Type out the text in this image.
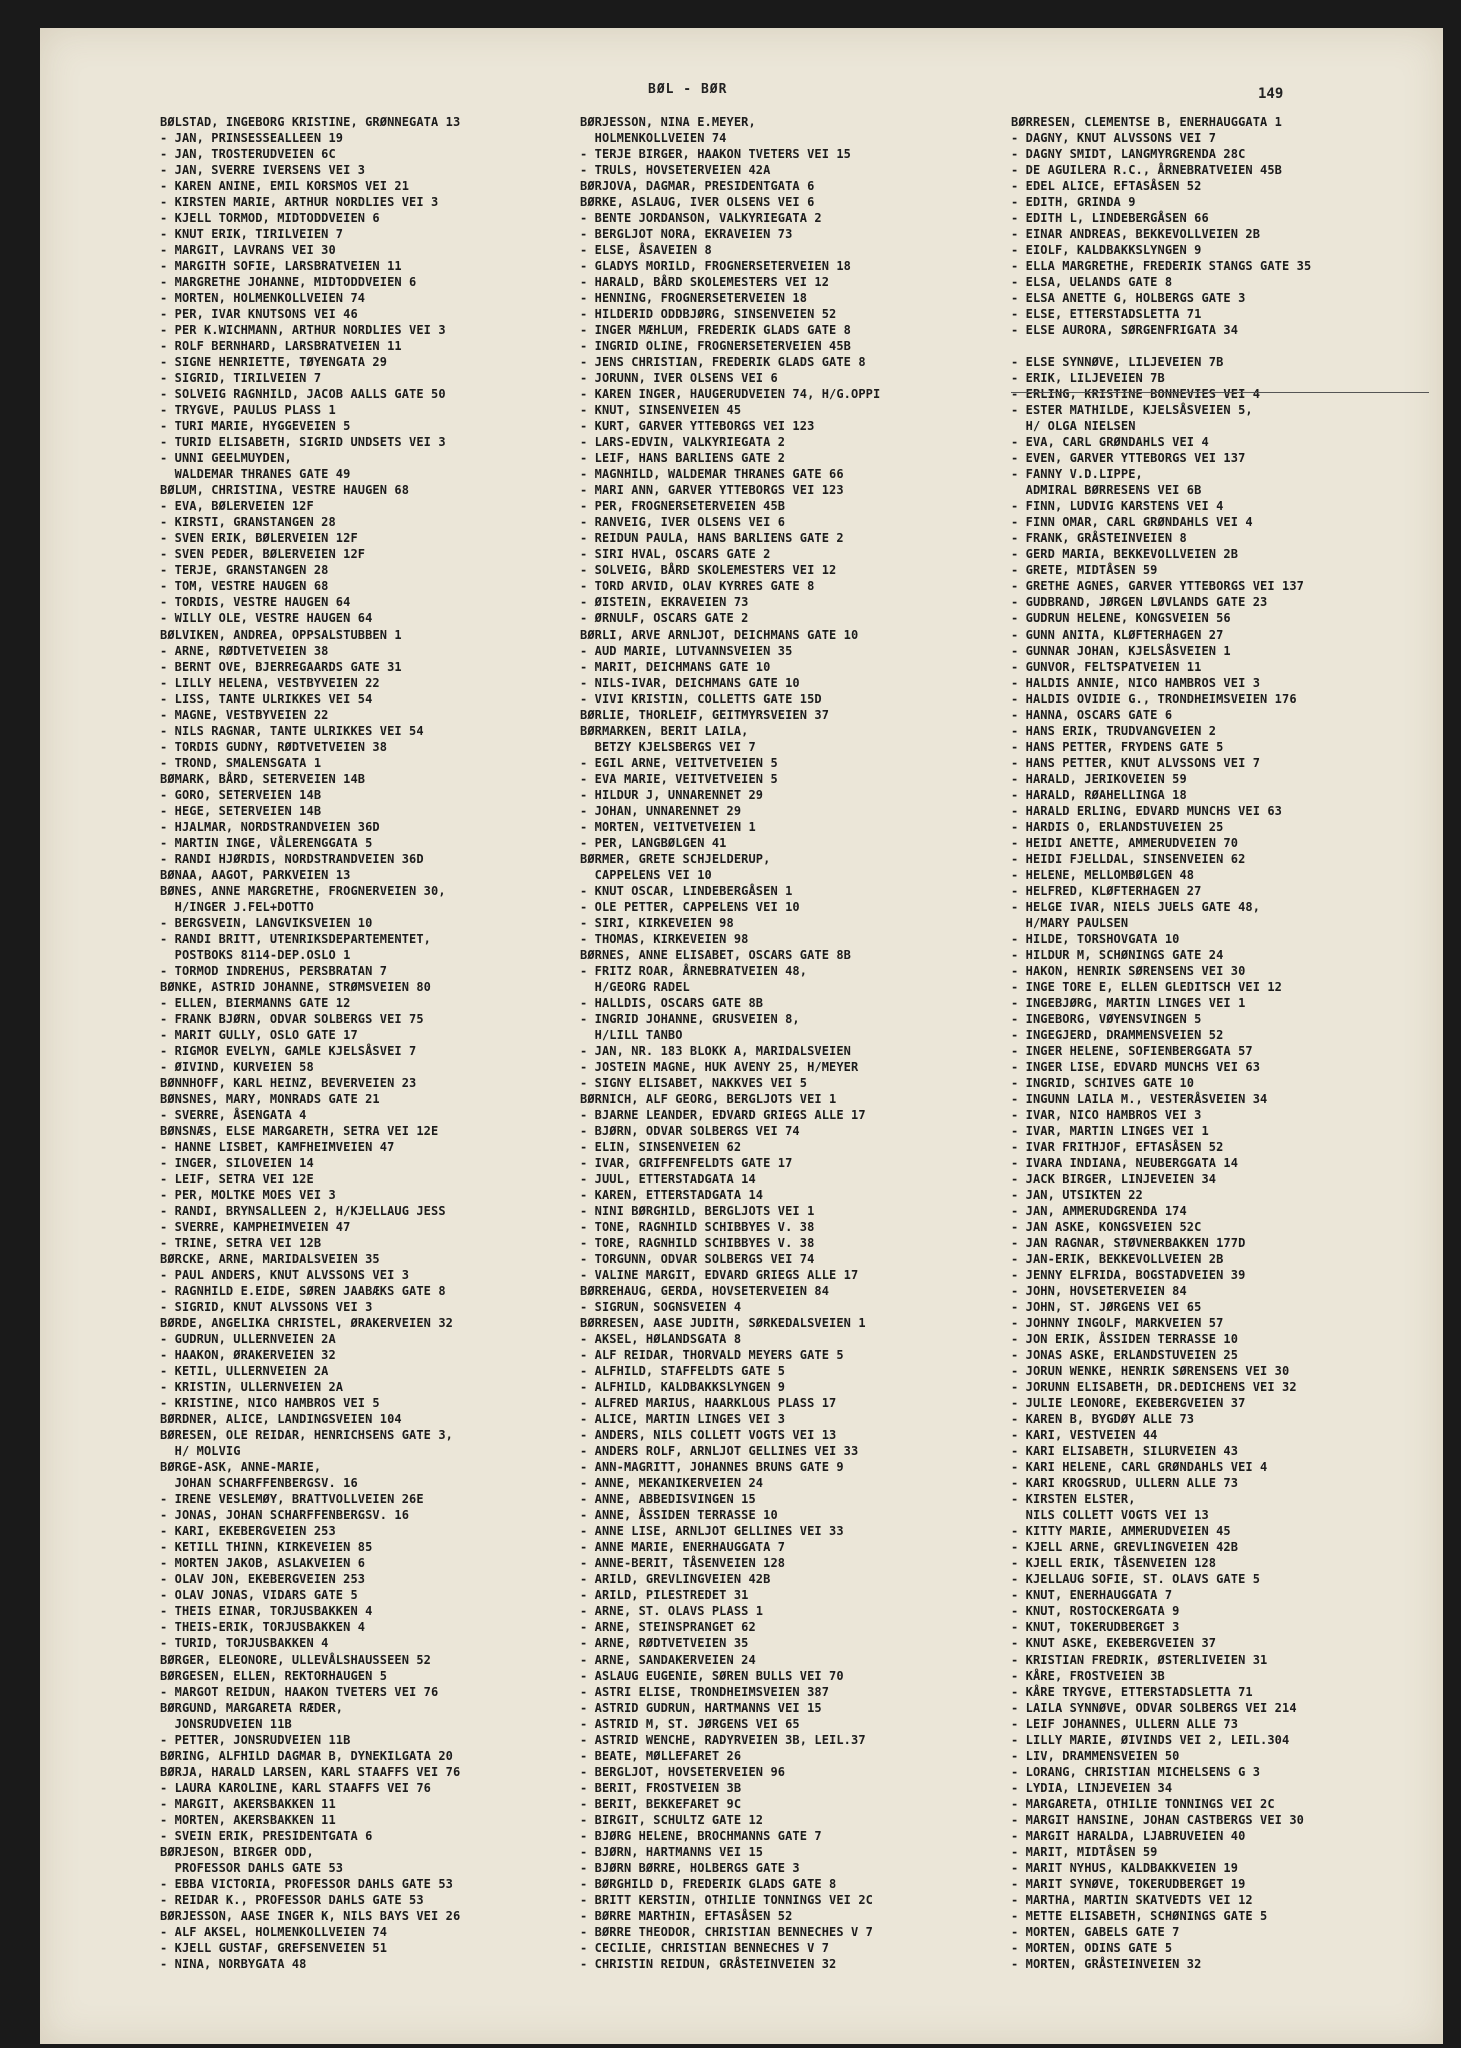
BØL - BØR	149
BØLSTAD, INGEBORG KRISTINE, GRØNNEGATA 13
- JAN, PRINSESSEALLEEN 19
- JAN, TROSTERUDVEIEN 6C
- JAN, SVERRE IVERSENS VEI 3
- KAREN ANINE, EMIL KORSMOS VEI 21
- KIRSTEN MARIE, ARTHUR NORDLIES VEI 3
- KJELL TORMOD, MIDTODDVEIEN 6
- KNUT ERIK, TIRILVEIEN 7
- MARGIT, LAVRANS VEI 30
- MARGITH SOFIE, LARSBRATVEIEN 11
- MARGRETHE JOHANNE, MIDTODDVEIEN 6
- MORTEN, HOLMENKOLLVEIEN 74
- PER, IVAR KNUTSONS VEI 46
- PER K.WICHMANN, ARTHUR NORDLIES VEI 3
- ROLF BERNHARD, LARSBRATVEIEN 11
- SIGNE HENRIETTE, TØYENGATA 29
- SIGRID, TIRILVEIEN 7
- SOLVEIG RAGNHILD, JACOB AALLS GATE 50
- TRYGVE, PAULUS PLASS 1
- TURI MARIE, HYGGEVEIEN 5
- TURID ELISABETH, SIGRID UNDSETS VEI 3
- UNNI GEELMUYDEN,
WALDEMAR THRANES GATE 49
BØLUM, CHRISTINA, VESTRE HAUGEN 68
- EVA, BØLERVEIEN 12F
- KIRSTI, GRANSTANGEN 28
- SVEN ERIK, BØLERVEIEN 12F
- SVEN PEDER, BØLERVEIEN 12F
- TERJE, GRANSTANGEN 28
- TOM, VESTRE HAUGEN 68
- TORDIS, VESTRE HAUGEN 64
- WILLY OLE, VESTRE HAUGEN 64
BØLVIKEN, ANDREA, OPPSALSTUBBEN 1
- ARNE, RØDTVETVEIEN 38
- BERNT OVE, BJERREGAARDS GATE 31
- LILLY HELENA, VESTBYVEIEN 22
- LISS, TANTE ULRIKKES VEI 54
- MAGNE, VESTBYVEIEN 22
- NILS RAGNAR, TANTE ULRIKKES VEI 54
- TORDIS GUDNY, RØDTVETVEIEN 38
- TROND, SMALENSGATA 1
BØMARK, BÅRD, SETERVEIEN 14B
- GORO, SETERVEIEN 14B
- HEGE, SETERVEIEN 14B
- HJALMAR, NORDSTRANDVEIEN 36D
- MARTIN INGE, VÅLERENGGATA 5
- RANDI HJØRDIS, NORDSTRANDVEIEN 36D
BØNAA, AAGOT, PARKVEIEN 13
BØNES, ANNE MARGRETHE, FROGNERVEIEN 30,
H/INGER J.FEL+DOTTO
- BERGSVEIN, LANGVIKSVEIEN 10
- RANDI BRITT, UTENRIKSDEPARTEMENTET,
POSTBOKS 8114-DEP.OSLO 1
- TORMOD INDREHUS, PERSBRATAN 7
BØNKE, ASTRID JOHANNE, STRØMSVEIEN 80
- ELLEN, BIERMANNS GATE 12
- FRANK BJØRN, ODVAR SOLBERGS VEI 75
- MARIT GULLY, OSLO GATE 17
- RIGMOR EVELYN, GAMLE KJELSÅSVEI 7
- ØIVIND, KURVEIEN 58
BØNNHOFF, KARL HEINZ, BEVERVEIEN 23
BØNSNES, MARY, MONRADS GATE 21
- SVERRE, ÅSENGATA 4
BØNSNÆS, ELSE MARGARETH, SETRA VEI 12E
- HANNE LISBET, KAMFHEIMVEIEN 47
- INGER, SILOVEIEN 14
- LEIF, SETRA VEI 12E
- PER, MOLTKE MOES VEI 3
- RANDI, BRYNSALLEEN 2, H/KJELLAUG JESS
- SVERRE, KAMPHEIMVEIEN 47
- TRINE, SETRA VEI 12B
BØRCKE, ARNE, MARIDALSVEIEN 35
- PAUL ANDERS, KNUT ALVSSONS VEI 3
- RAGNHILD E.EIDE, SØREN JAABÆKS GATE 8
- SIGRID, KNUT ALVSSONS VEI 3
BØRDE, ANGELIKA CHRISTEL, ØRAKERVEIEN 32
- GUDRUN, ULLERNVEIEN 2A
- HAAKON, ØRAKERVEIEN 32
- KETIL, ULLERNVEIEN 2A
- KRISTIN, ULLERNVEIEN 2A
- KRISTINE, NICO HAMBROS VEI 5
BØRDNER, ALICE, LANDINGSVEIEN 104
BØRESEN, OLE REIDAR, HENRICHSENS GATE 3,
H/ MOLVIG
BØRGE-ASK, ANNE-MARIE,
JOHAN SCHARFFENBERGSV. 16
- IRENE VESLEMØY, BRATTVOLLVEIEN 26E
- JONAS, JOHAN SCHARFFENBERGSV. 16
- KARI, EKEBERGVEIEN 253
- KETILL THINN, KIRKEVEIEN 85
- MORTEN JAKOB, ASLAKVEIEN 6
- OLAV JON, EKEBERGVEIEN 253
- OLAV JONAS, VIDARS GATE 5
- THEIS EINAR, TORJUSBAKKEN 4
- THEIS-ERIK, TORJUSBAKKEN 4
- TURID, TORJUSBAKKEN 4
BØRGER, ELEONORE, ULLEVÅLSHAUSSEEN 52
BØRGESEN, ELLEN, REKTORHAUGEN 5
- MARGOT REIDUN, HAAKON TVETERS VEI 76
BØRGUND, MARGARETA RÆDER,
JONSRUDVEIEN 11B
- PETTER, JONSRUDVEIEN 11B
BØRING, ALFHILD DAGMAR B, DYNEKILGATA 20
BØRJA, HARALD LARSEN, KARL STAAFFS VEI 76
- LAURA KAROLINE, KARL STAAFFS VEI 76
- MARGIT, AKERSBAKKEN 11
- MORTEN, AKERSBAKKEN 11
- SVEIN ERIK, PRESIDENTGATA 6
BØRJESON, BIRGER ODD,
PROFESSOR DAHLS GATE 53
- EBBA VICTORIA, PROFESSOR DAHLS GATE 53
- REIDAR K., PROFESSOR DAHLS GATE 53
BØRJESSON, AASE INGER K, NILS BAYS VEI 26
- ALF AKSEL, HOLMENKOLLVEIEN 74
- KJELL GUSTAF, GREFSENVEIEN 51
- NINA, NORBYGATA 48
BØRJESSON, NINA E.MEYER,
HOLMENKOLLVEIEN 74
- TERJE BIRGER, HAAKON TVETERS VEI 15
- TRULS, HOVSETERVEIEN 42A
BØRJOVA, DAGMAR, PRESIDENTGATA 6
BØRKE, ASLAUG, IVER OLSENS VEI 6
- BENTE JORDANSON, VALKYRIEGATA 2
- BERGLJOT NORA, EKRAVEIEN 73
- ELSE, ÅSAVEIEN 8
- GLADYS MORILD, FROGNERSETERVEIEN 18
- HARALD, BÅRD SKOLEMESTERS VEI 12
- HENNING, FROGNERSETERVEIEN 18
- HILDERID ODDBJØRG, SINSENVEIEN 52
- INGER MÆHLUM, FREDERIK GLADS GATE 8
- INGRID OLINE, FROGNERSETERVEIEN 45B
- JENS CHRISTIAN, FREDERIK GLADS GATE 8
- JORUNN, IVER OLSENS VEI 6
- KAREN INGER, HAUGERUDVEIEN 74, H/G.OPPI
- KNUT, SINSENVEIEN 45
- KURT, GARVER YTTEBORGS VEI 123
- LARS-EDVIN, VALKYRIEGATA 2
- LEIF, HANS BARLIENS GATE 2
- MAGNHILD, WALDEMAR THRANES GATE 66
- MARI ANN, GARVER YTTEBORGS VEI 123
- PER, FROGNERSETERVEIEN 45B
- RANVEIG, IVER OLSENS VEI 6
- REIDUN PAULA, HANS BARLIENS GATE 2
- SIRI HVAL, OSCARS GATE 2
- SOLVEIG, BÅRD SKOLEMESTERS VEI 12
- TORD ARVID, OLAV KYRRES GATE 8
- ØISTEIN, EKRAVEIEN 73
- ØRNULF, OSCARS GATE 2
BØRLI, ARVE ARNLJOT, DEICHMANS GATE 10
- AUD MARIE, LUTVANNSVEIEN 35
- MARIT, DEICHMANS GATE 10
- NILS-IVAR, DEICHMANS GATE 10
- VIVI KRISTIN, COLLETTS GATE 15D
BØRLIE, THORLEIF, GEITMYRSVEIEN 37
BØRMARKEN, BERIT LAILA,
BETZY KJELSBERGS VEI 7
- EGIL ARNE, VEITVETVEIEN 5
- EVA MARIE, VEITVETVEIEN 5
- HILDUR J, UNNARENNET 29
- JOHAN, UNNARENNET 29
- MORTEN, VEITVETVEIEN 1
- PER, LANGBØLGEN 41
BØRMER, GRETE SCHJELDERUP,
CAPPELENS VEI 10
- KNUT OSCAR, LINDEBERGÅSEN 1
- OLE PETTER, CAPPELENS VEI 10
- SIRI, KIRKEVEIEN 98
- THOMAS, KIRKEVEIEN 98
BØRNES, ANNE ELISABET, OSCARS GATE 8B
- FRITZ ROAR, ÅRNEBRATVEIEN 48,
H/GEORG RADEL
- HALLDIS, OSCARS GATE 8B
- INGRID JOHANNE, GRUSVEIEN 8,
H/LILL TANBO
- JAN, NR. 183 BLOKK A, MARIDALSVEIEN
- JOSTEIN MAGNE, HUK AVENY 25, H/MEYER
- SIGNY ELISABET, NAKKVES VEI 5
BØRNICH, ALF GEORG, BERGLJOTS VEI 1
- BJARNE LEANDER, EDVARD GRIEGS ALLE 17
- BJØRN, ODVAR SOLBERGS VEI 74
- ELIN, SINSENVEIEN 62
- IVAR, GRIFFENFELDTS GATE 17
- JUUL, ETTERSTADGATA 14
- KAREN, ETTERSTADGATA 14
- NINI BØRGHILD, BERGLJOTS VEI 1
- TONE, RAGNHILD SCHIBBYES V. 38
- TORE, RAGNHILD SCHIBBYES V. 38
- TORGUNN, ODVAR SOLBERGS VEI 74
- VALINE MARGIT, EDVARD GRIEGS ALLE 17
BØRREHAUG, GERDA, HOVSETERVEIEN 84
- SIGRUN, SOGNSVEIEN 4
BØRRESEN, AASE JUDITH, SØRKEDALSVEIEN 1
- AKSEL, HØLANDSGATA 8
- ALF REIDAR, THORVALD MEYERS GATE 5
- ALFHILD, STAFFELDTS GATE 5
- ALFHILD, KALDBAKKSLYNGEN 9
- ALFRED MARIUS, HAARKLOUS PLASS 17
- ALICE, MARTIN LINGES VEI 3
- ANDERS, NILS COLLETT VOGTS VEI 13
- ANDERS ROLF, ARNLJOT GELLINES VEI 33
- ANN-MAGRITT, JOHANNES BRUNS GATE 9
- ANNE, MEKANIKERVEIEN 24
- ANNE, ABBEDISVINGEN 15
- ANNE, ÅSSIDEN TERRASSE 10
- ANNE LISE, ARNLJOT GELLINES VEI 33
- ANNE MARIE, ENERHAUGGATA 7
- ANNE-BERIT, TÅSENVEIEN 128
- ARILD, GREVLINGVEIEN 42B
- ARILD, PILESTREDET 31
- ARNE, ST. OLAVS PLASS 1
- ARNE, STEINSPRANGET 62
- ARNE, RØDTVETVEIEN 35
- ARNE, SANDAKERVEIEN 24
- ASLAUG EUGENIE, SØREN BULLS VEI 70
- ASTRI ELISE, TRONDHEIMSVEIEN 387
- ASTRID GUDRUN, HARTMANNS VEI 15
- ASTRID M, ST. JØRGENS VEI 65
- ASTRID WENCHE, RADYRVEIEN 3B, LEIL.37
- BEATE, MØLLEFARET 26
- BERGLJOT, HOVSETERVEIEN 96
- BERIT, FROSTVEIEN 3B
- BERIT, BEKKEFARET 9C
- BIRGIT, SCHULTZ GATE 12
- BJØRG HELENE, BROCHMANNS GATE 7
- BJØRN, HARTMANNS VEI 15
- BJØRN BØRRE, HOLBERGS GATE 3
- BØRGHILD D, FREDERIK GLADS GATE 8
- BRITT KERSTIN, OTHILIE TONNINGS VEI 2C
- BØRRE MARTHIN, EFTASÅSEN 52
- BØRRE THEODOR, CHRISTIAN BENNECHES V 7
- CECILIE, CHRISTIAN BENNECHES V 7
- CHRISTIN REIDUN, GRÅSTEINVEIEN 32
BØRRESEN, CLEMENTSE B, ENERHAUGGATA 1
- DAGNY, KNUT ALVSSONS VEI 7
- DAGNY SMIDT, LANGMYRGRENDA 28C
- DE AGUILERA R.C., ÅRNEBRATVEIEN 45B
- EDEL ALICE, EFTASÅSEN 52
- EDITH, GRINDA 9
- EDITH L, LINDEBERGÅSEN 66
- EINAR ANDREAS, BEKKEVOLLVEIEN 2B
- EIOLF, KALDBAKKSLYNGEN 9
- ELLA MARGRETHE, FREDERIK STANGS GATE 35
- ELSA, UELANDS GATE 8
- ELSA ANETTE G, HOLBERGS GATE 3
- ELSE, ETTERSTADSLETTA 71
- ELSE AURORA, SØRGENFRIGATA 34
- ELSE SYNNØVE, LILJEVEIEN 7B
- ERIK, LILJEVEIEN 7B
- ERLING, KRISTINE BONNEVIES VEI 4
- ESTER MATHILDE, KJELSÅSVEIEN 5,
H/ OLGA NIELSEN
- EVA, CARL GRØNDAHLS VEI 4
- EVEN, GARVER YTTEBORGS VEI 137
- FANNY V.D.LIPPE,
ADMIRAL BØRRESENS VEI 6B
- FINN, LUDVIG KARSTENS VEI 4
- FINN OMAR, CARL GRØNDAHLS VEI 4
- FRANK, GRÅSTEINVEIEN 8
- GERD MARIA, BEKKEVOLLVEIEN 2B
- GRETE, MIDTÅSEN 59
- GRETHE AGNES, GARVER YTTEBORGS VEI 137
- GUDBRAND, JØRGEN LØVLANDS GATE 23
- GUDRUN HELENE, KONGSVEIEN 56
- GUNN ANITA, KLØFTERHAGEN 27
- GUNNAR JOHAN, KJELSÅSVEIEN 1
- GUNVOR, FELTSPATVEIEN 11
- HALDIS ANNIE, NICO HAMBROS VEI 3
- HALDIS OVIDIE G., TRONDHEIMSVEIEN 176
- HANNA, OSCARS GATE 6
- HANS ERIK, TRUDVANGVEIEN 2
- HANS PETTER, FRYDENS GATE 5
- HANS PETTER, KNUT ALVSSONS VEI 7
- HARALD, JERIKOVEIEN 59
- HARALD, RØAHELLINGA 18
- HARALD ERLING, EDVARD MUNCHS VEI 63
- HARDIS O, ERLANDSTUVEIEN 25
- HEIDI ANETTE, AMMERUDVEIEN 70
- HEIDI FJELLDAL, SINSENVEIEN 62
- HELENE, MELLOMBØLGEN 48
- HELFRED, KLØFTERHAGEN 27
- HELGE IVAR, NIELS JUELS GATE 48,
H/MARY PAULSEN
- HILDE, TORSHOVGATA 10
- HILDUR M, SCHØNINGS GATE 24
- HAKON, HENRIK SØRENSENS VEI 30
- INGE TORE E, ELLEN GLEDITSCH VEI 12
- INGEBJØRG, MARTIN LINGES VEI 1
- INGEBORG, VØYENSVINGEN 5
- INGEGJERD, DRAMMENSVEIEN 52
- INGER HELENE, SOFIENBERGGATA 57
- INGER LISE, EDVARD MUNCHS VEI 63
- INGRID, SCHIVES GATE 10
- INGUNN LAILA M., VESTERÅSVEIEN 34
- IVAR, NICO HAMBROS VEI 3
- IVAR, MARTIN LINGES VEI 1
- IVAR FRITHJOF, EFTASÅSEN 52
- IVARA INDIANA, NEUBERGGATA 14
- JACK BIRGER, LINJEVEIEN 34
- JAN, UTSIKTEN 22
- JAN, AMMERUDGRENDA 174
- JAN ASKE, KONGSVEIEN 52C
- JAN RAGNAR, STØVNERBAKKEN 177D
- JAN-ERIK, BEKKEVOLLVEIEN 2B
- JENNY ELFRIDA, BOGSTADVEIEN 39
- JOHN, HOVSETERVEIEN 84
- JOHN, ST. JØRGENS VEI 65
- JOHNNY INGOLF, MARKVEIEN 57
- JON ERIK, ÅSSIDEN TERRASSE 10
- JONAS ASKE, ERLANDSTUVEIEN 25
- JORUN WENKE, HENRIK SØRENSENS VEI 30
- JORUNN ELISABETH, DR.DEDICHENS VEI 32
- JULIE LEONORE, EKEBERGVEIEN 37
- KAREN B, BYGDØY ALLE 73
- KARI, VESTVEIEN 44
- KARI ELISABETH, SILURVEIEN 43
- KARI HELENE, CARL GRØNDAHLS VEI 4
- KARI KROGSRUD, ULLERN ALLE 73
- KIRSTEN ELSTER,
NILS COLLETT VOGTS VEI 13
- KITTY MARIE, AMMERUDVEIEN 45
- KJELL ARNE, GREVLINGVEIEN 42B
- KJELL ERIK, TÅSENVEIEN 128
- KJELLAUG SOFIE, ST. OLAVS GATE 5
- KNUT, ENERHAUGGATA 7
- KNUT, ROSTOCKERGATA 9
- KNUT, TOKERUDBERGET 3
- KNUT ASKE, EKEBERGVEIEN 37
- KRISTIAN FREDRIK, ØSTERLIVEIEN 31
- KÅRE, FROSTVEIEN 3B
- KÅRE TRYGVE, ETTERSTADSLETTA 71
- LAILA SYNNØVE, ODVAR SOLBERGS VEI 214
- LEIF JOHANNES, ULLERN ALLE 73
- LILLY MARIE, ØIVINDS VEI 2, LEIL.304
- LIV, DRAMMENSVEIEN 50
- LORANG, CHRISTIAN MICHELSENS G 3
- LYDIA, LINJEVEIEN 34
- MARGARETA, OTHILIE TONNINGS VEI 2C
- MARGIT HANSINE, JOHAN CASTBERGS VEI 30
- MARGIT HARALDA, LJABRUVEIEN 40
- MARIT, MIDTÅSEN 59
- MARIT NYHUS, KALDBAKKVEIEN 19
- MARIT SYNØVE, TOKERUDBERGET 19
- MARTHA, MARTIN SKATVEDTS VEI 12
- METTE ELISABETH, SCHØNINGS GATE 5
- MORTEN, GABELS GATE 7
- MORTEN, ODINS GATE 5
- MORTEN, GRÅSTEINVEIEN 32
